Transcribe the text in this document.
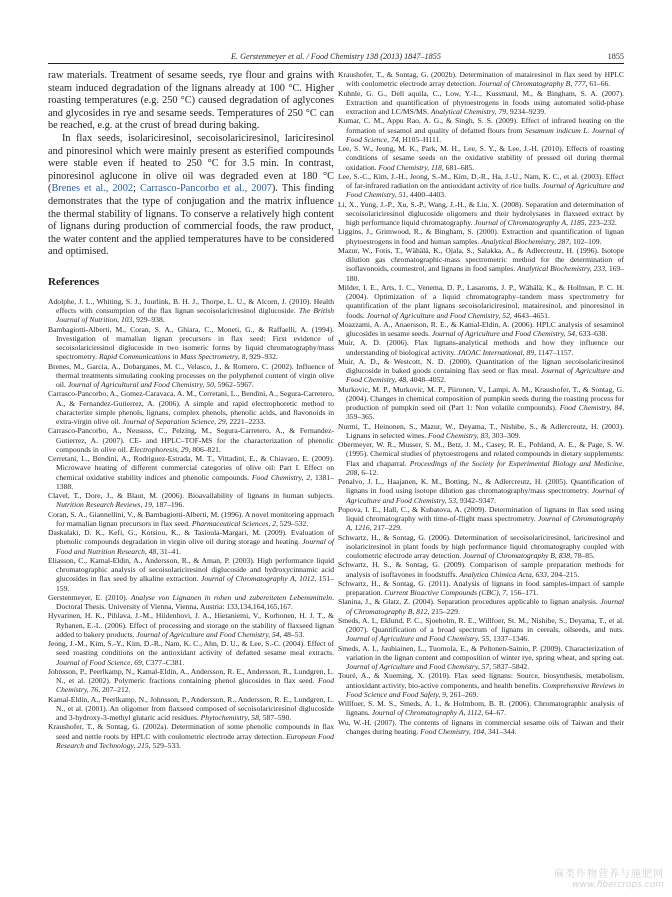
E. Gerstenmeyer et al. / Food Chemistry 138 (2013) 1847–1855	1855

raw materials. Treatment of sesame seeds, rye flour and grains with steam induced degradation of the lignans already at 100 °C. Higher roasting temperatures (e.g. 250 °C) caused degradation of aglycones and glycosides in rye and sesame seeds. Temperatures of 250 °C can be reached, e.g. at the crust of bread during baking.

In flax seeds, isolariciresinol, secoisolariciresinol, lariciresinol and pinoresinol which were mainly present as esterified compounds were stable even if heated to 250 °C for 3.5 min. In contrast, pinoresinol aglucone in olive oil was degraded even at 180 °C (Brenes et al., 2002; Carrasco-Pancorbo et al., 2007). This finding demonstrates that the type of conjugation and the matrix influence the thermal stability of lignans. To conserve a relatively high content of lignans during production of commercial foods, the raw product, the water content and the applied temperatures have to be considered and optimised.

References
Adolphe, J. L., Whiting, S. J., Juurlink, B. H. J., Thorpe, L. U., & Alcorn, J. (2010). Health effects with consumption of the flax lignan secoisolariciresinol diglucoside. The British Journal of Nutrition, 103, 929–938.
Bambagiotti-Alberti, M., Coran, S. A., Ghiara, C., Moneti, G., & Raffaelli, A. (1994). Investigation of mamalian lignan precursors in flax seed: First evidence of secoisolariciresinol diglucoside in two isomeric forms by liquid chromatography/mass spectrometry. Rapid Communications in Mass Spectrometry, 8, 929–932.
Brenes, M., Garcia, A., Dobarganes, M. C., Velasco, J., & Romero, C. (2002). Influence of thermal treatments simulating cooking processes on the polyphenol content of virgin olive oil. Journal of Agricultural and Food Chemistry, 50, 5962–5967.
Carrasco-Pancorbo, A., Gomez-Caravaca, A. M., Cerretani, L., Bendini, A., Segura-Carretero, A., & Fernandez-Gutierrez, A. (2006). A simple and rapid electrophoretic method to characterize simple phenols, lignans, complex phenols, phenolic acids, and flavonoids in extra-virgin olive oil. Journal of Separation Science, 29, 2221–2233.
Carrasco-Pancorbo, A., Neususs, C., Pelzing, M., Segura-Carretero, A., & Fernandez-Gutierrez, A. (2007). CE- and HPLC–TOF-MS for the characterization of phenolic compounds in olive oil. Electrophoresis, 29, 806–821.
Cerretani, L., Bendini, A., Rodriguez-Estrada, M. T., Vittadini, E., & Chiavaro, E. (2009). Microwave heating of different commercial categories of olive oil: Part I. Effect on chemical oxidative stability indices and phenolic compounds. Food Chemistry, 2, 1381–1388.
Clavel, T., Dore, J., & Blaut, M. (2006). Bioavailability of lignans in human subjects. Nutrition Research Reviews, 19, 187–196.
Coran, S. A., Giannellini, V., & Bambagiotti-Alberti, M. (1996). A novel monitoring approach for mamalian lignan precursors in flax seed. Pharmaceutical Sciences, 2, 529–532.
Daskalaki, D. K., Kefi, G., Kotsiou, K., & Tasioula-Margari, M. (2009). Evaluation of phenolic compounds degradation in virgin olive oil during storage and heating. Journal of Food and Nutrition Research, 48, 31–41.
Eliasson, C., Kamal-Eldin, A., Andersson, R., & Aman, P. (2003). High performance liquid chromatographic analysis of secoisolariciresinol diglucoside and hydroxycinnamic acid glucosides in flax seed by alkaline extraction. Journal of Chromatography A, 1012, 151–159.
Gerstenmeyer, E. (2010). Analyse von Lignanen in rohen und zubereiteten Lebensmitteln. Doctoral Thesis. University of Vienna, Vienna, Austria: 133,134,164,165,167.
Hyvarinen, H. K., Pihlava, J.-M., Hiidenhovi, J. A., Hietaniemi, V., Korhonen, H. J. T., & Ryhanen, E.-L. (2006). Effect of processing and storage on the stability of flaxseed lignan added to bakery products. Journal of Agriculture and Food Chemistry, 54, 48–53.
Jeong, J.-M., Kim, S.-Y., Kim, D.-R., Nam, K. C., Ahn, D. U., & Lee, S.-C. (2004). Effect of seed roasting conditions on the antioxidant activity of defatted sesame meal extracts. Journal of Food Science, 69, C377–C381.
Johnsson, P., Peerlkamp, N., Kamal-Eldin, A., Andersson, R. E., Andersson, R., Lundgren, L. N., et al. (2002). Polymeric fractions containing phenol glucosides in flax seed. Food Chemistry, 76, 207–212.
Kamal-Eldin, A., Peerlkamp, N., Johnsson, P., Andersson, R., Andersson, R. E., Lundgren, L. N., et al. (2001). An oligomer from flaxseed composed of secoisolariciresinol diglucoside and 3-hydroxy-3-methyl glutaric acid residues. Phytochemistry, 58, 587–590.
Kraushofer, T., & Sontag, G. (2002a). Determination of some phenolic compounds in flax seed and nettle roots by HPLC with coulometric electrode array detection. European Food Research and Technology, 215, 529–533.
Kraushofer, T., & Sontag, G. (2002b). Determination of matairesinol in flax seed by HPLC with coulometric electrode array detection. Journal of Chromatography B, 777, 61–66.
Kuhnle, G. G., Dell aquila, C., Low, Y.-L., Kussmaul, M., & Bingham, S. A. (2007). Extraction and quantification of phytoestrogens in foods using automated solid-phase extraction and LC/MS/MS. Analytical Chemistry, 79, 9234–9239.
Kumar, C. M., Appu Rao, A. G., & Singh, S. S. (2009). Effect of infrared heating on the formation of sesamol and quality of defatted flours from Sesamum indicum L. Journal of Food Science, 74, H105–H111.
Lee, S. W., Jeung, M. K., Park, M. H., Lee, S. Y., & Lee, J.-H. (2010). Effects of roasting conditions of sesame seeds on the oxidative stability of pressed oil during thermal oxidation. Food Chemistry, 118, 681–685.
Lee, S.-C., Kim, J.-H., Jeong, S.-M., Kim, D.-R., Ha, J.-U., Nam, K. C., et al. (2003). Effect of far-infrared radiation on the antioxidant activity of rice hulls. Journal of Agriculture and Food Chemistry, 51, 4400–4403.
Li, X., Yung, J.-P., Xu, S.-P., Wang, J.-H., & Liu, X. (2008). Separation and determination of secoisolariciresinol diglucoside oligomers and their hydrolysates in flaxseed extract by high performance liquid chromatography. Journal of Chromatography A, 1185, 223–232.
Liggins, J., Grimwood, R., & Bingham, S. (2000). Extraction and quantification of lignan phytoestrogens in food and human samples. Analytical Biochemistry, 287, 102–109.
Mazur, W., Fotis, T., Wähälä, K., Ojala, S., Salakka, A., & Adlercreutz, H. (1996). Isotope dilution gas chromatographic-mass spectrometric method for the determination of isoflavonoids, coumestrol, and lignans in food samples. Analytical Biochemistry, 233, 169–180.
Milder, I. E., Arts, I. C., Venema, D. P., Lasaroms, J. P., Wähälä, K., & Hollman, P. C. H. (2004). Optimization of a liquid chromatography–tandem mass spectrometry for quantification of the plant lignans secoisolariciresinol, matairesinol, and pinoresinol in foods. Journal of Agriculture and Food Chemistry, 52, 4643–4651.
Moazzami, A. A., Anaersson, R. E., & Kamal-Eldin, A. (2006). HPLC analysis of sesaminol glucosides in sesame seeds. Journal of Agriculture and Food Chemistry, 54, 633–638.
Muir, A. D. (2006). Flax lignans-analytical methods and how they influence our understanding of biological activity. JAOAC International, 89, 1147–1157.
Muir, A. D., & Westcott, N. D. (2000). Quantitation of the lignan secoisolariciresinol diglucoside in baked goods containing flax seed or flax meal. Journal of Agriculture and Food Chemistry, 48, 4048–4052.
Murkovic, M. P., Murkovic, M. P., Piironen, V., Lampi, A. M., Kraushofer, T., & Sontag, G. (2004). Changes in chemical composition of pumpkin seeds during the roasting process for production of pumpkin seed oil (Part 1: Non volatile compounds). Food Chemistry, 84, 359–365.
Nurmi, T., Heinonen, S., Mazur, W., Deyama, T., Nishibe, S., & Adlercreutz, H. (2003). Lignans in selected wines. Food Chemistry, 83, 303–309.
Obermeyer, W. R., Musser, S. M., Betz, J. M., Casey, R. E., Pohland, A. E., & Page, S. W. (1995). Chemical studies of phytoestrogens and related compounds in dietary supplements: Flax and chaparral. Proceedings of the Society for Experimental Biology and Medicine, 208, 6–12.
Penalvo, J. L., Haajanen, K. M., Botting, N., & Adlercreutz, H. (2005). Quantification of lignans in food using isotope dilution gas chromatography/mass spectrometry. Journal of Agriculture and Food Chemistry, 53, 9342–9347.
Popova, I. E., Hall, C., & Kubatova, A. (2009). Determination of lignans in flax seed using liquid chromatography with time-of-flight mass spectrometry. Journal of Chromatography A, 1216, 217–229.
Schwartz, H., & Sontag, G. (2006). Determination of secoisolariciresinol, lariciresinol and isolariciresinol in plant foods by high performance liquid chromatography coupled with coulometric electrode array detection. Journal of Chromatography B, 838, 78–85.
Schwartz, H. S., & Sontag, G. (2009). Comparison of sample preparation methods for analysis of isoflavones in foodstuffs. Analytica Chimica Acta, 633, 204–215.
Schwartz, H., & Sontag, G. (2011). Analysis of lignans in food samples-impact of sample preparation. Current Bioactive Compounds (CBC), 7, 156–171.
Slanina, J., & Glatz, Z. (2004). Separation procedures applicable to lignan analysis. Journal of Chromatography B, 812, 215–229.
Smeds, A. I., Eklund, P. C., Sjoeholm, R. E., Willfoer, St. M., Nishibe, S., Deyama, T., et al. (2007). Quantification of a broad spectrum of lignans in cereals, oilseeds, and nuts. Journal of Agriculture and Food Chemistry, 55, 1337–1346.
Smeds, A. I., Jauhiainen, L., Tuomola, E., & Peltonen-Sainio, P. (2009). Characterization of variation in the lignan content and composition of winter rye, spring wheat, and spring oat. Journal of Agriculture and Food Chemistry, 57, 5837–5842.
Touré, A., & Xueming, X. (2010). Flax seed lignans: Source, biosynthesis, metabolism, antioxidant activity, bio-active components, and health benefits. Comprehensive Reviews in Food Science and Food Safety, 9, 261–269.
Willfoer, S. M. S., Smeds, A. I., & Holmbom, B. R. (2006). Chromatographic analysis of lignans. Journal of Chromatography A, 1112, 64–67.
Wu, W.-H. (2007). The contents of lignans in commercial sesame oils of Taiwan and their changes during heating. Food Chemistry, 104, 341–344.
麻类作物营养与施肥网
www.fibercrops.com
